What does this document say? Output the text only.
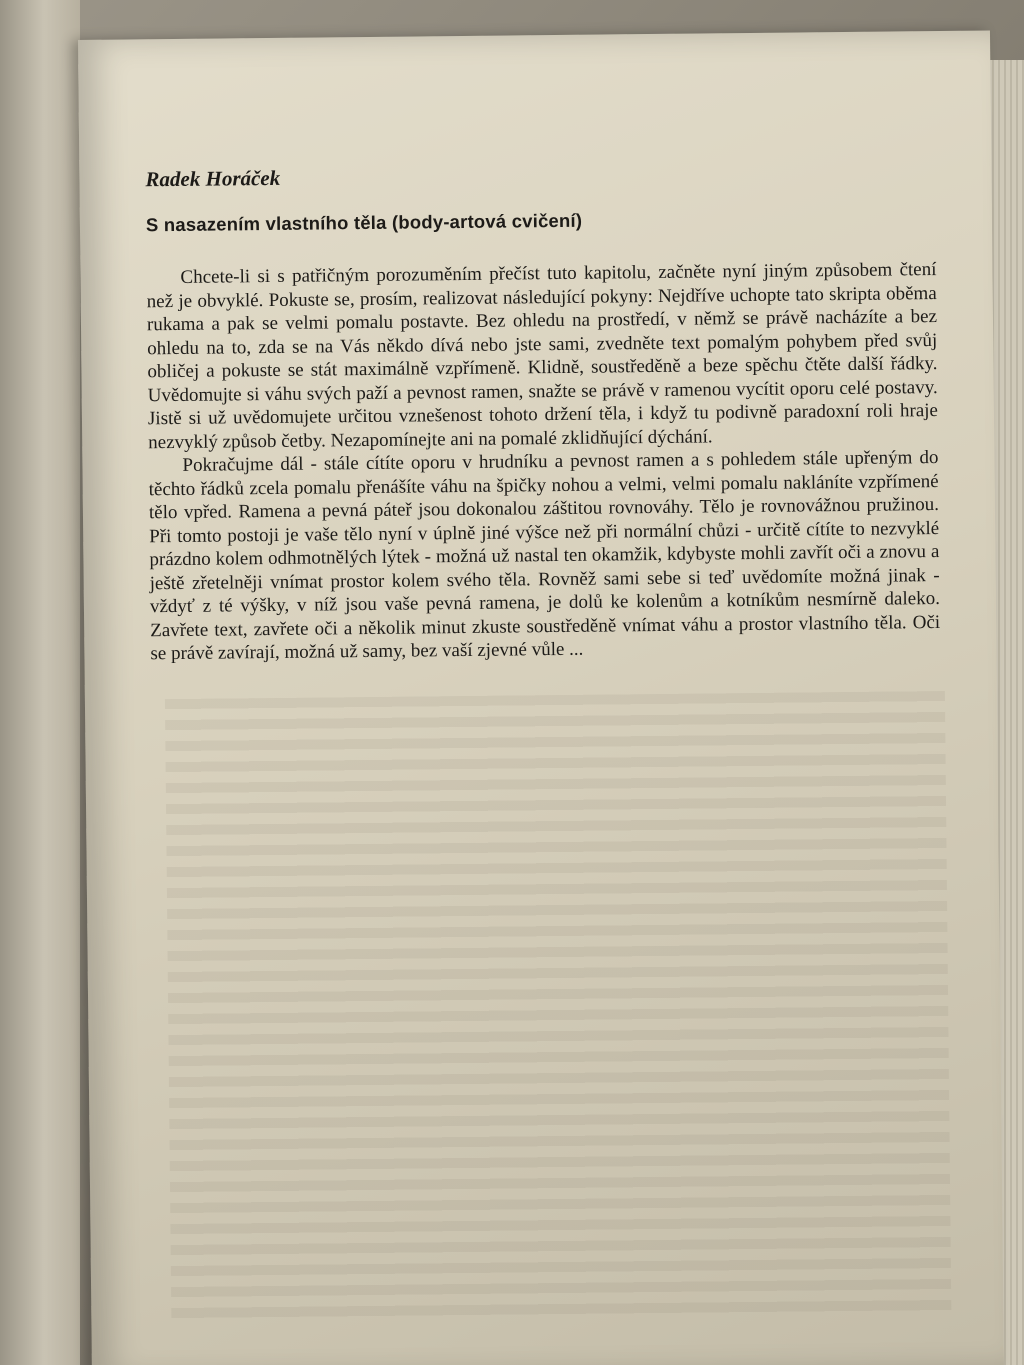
Radek Horáček
S nasazením vlastního těla (body-artová cvičení)

Chcete-li si s patřičným porozuměním přečíst tuto kapitolu, začněte nyní jiným způsobem čtení než je obvyklé. Pokuste se, prosím, realizovat následující pokyny: Nejdříve uchopte tato skripta oběma rukama a pak se velmi pomalu postavte. Bez ohledu na prostředí, v němž se právě nacházíte a bez ohledu na to, zda se na Vás někdo dívá nebo jste sami, zvedněte text pomalým pohybem před svůj obličej a pokuste se stát maximálně vzpřímeně. Klidně, soustředěně a beze spěchu čtěte další řádky. Uvědomujte si váhu svých paží a pevnost ramen, snažte se právě v ramenou vycítit oporu celé postavy. Jistě si už uvědomujete určitou vznešenost tohoto držení těla, i když tu podivně paradoxní roli hraje nezvyklý způsob četby. Nezapomínejte ani na pomalé zklidňující dýchání.

Pokračujme dál - stále cítíte oporu v hrudníku a pevnost ramen a s pohledem stále upřeným do těchto řádků zcela pomalu přenášíte váhu na špičky nohou a velmi, velmi pomalu nakláníte vzpřímené tělo vpřed. Ramena a pevná páteř jsou dokonalou záštitou rovnováhy. Tělo je rovnovážnou pružinou. Při tomto postoji je vaše tělo nyní v úplně jiné výšce než při normální chůzi - určitě cítíte to nezvyklé prázdno kolem odhmotnělých lýtek - možná už nastal ten okamžik, kdybyste mohli zavřít oči a znovu a ještě zřetelněji vnímat prostor kolem svého těla. Rovněž sami sebe si teď uvědomíte možná jinak - vždyť z té výšky, v níž jsou vaše pevná ramena, je dolů ke kolenům a kotníkům nesmírně daleko. Zavřete text, zavřete oči a několik minut zkuste soustředěně vnímat váhu a prostor vlastního těla. Oči se právě zavírají, možná už samy, bez vaší zjevné vůle ...
